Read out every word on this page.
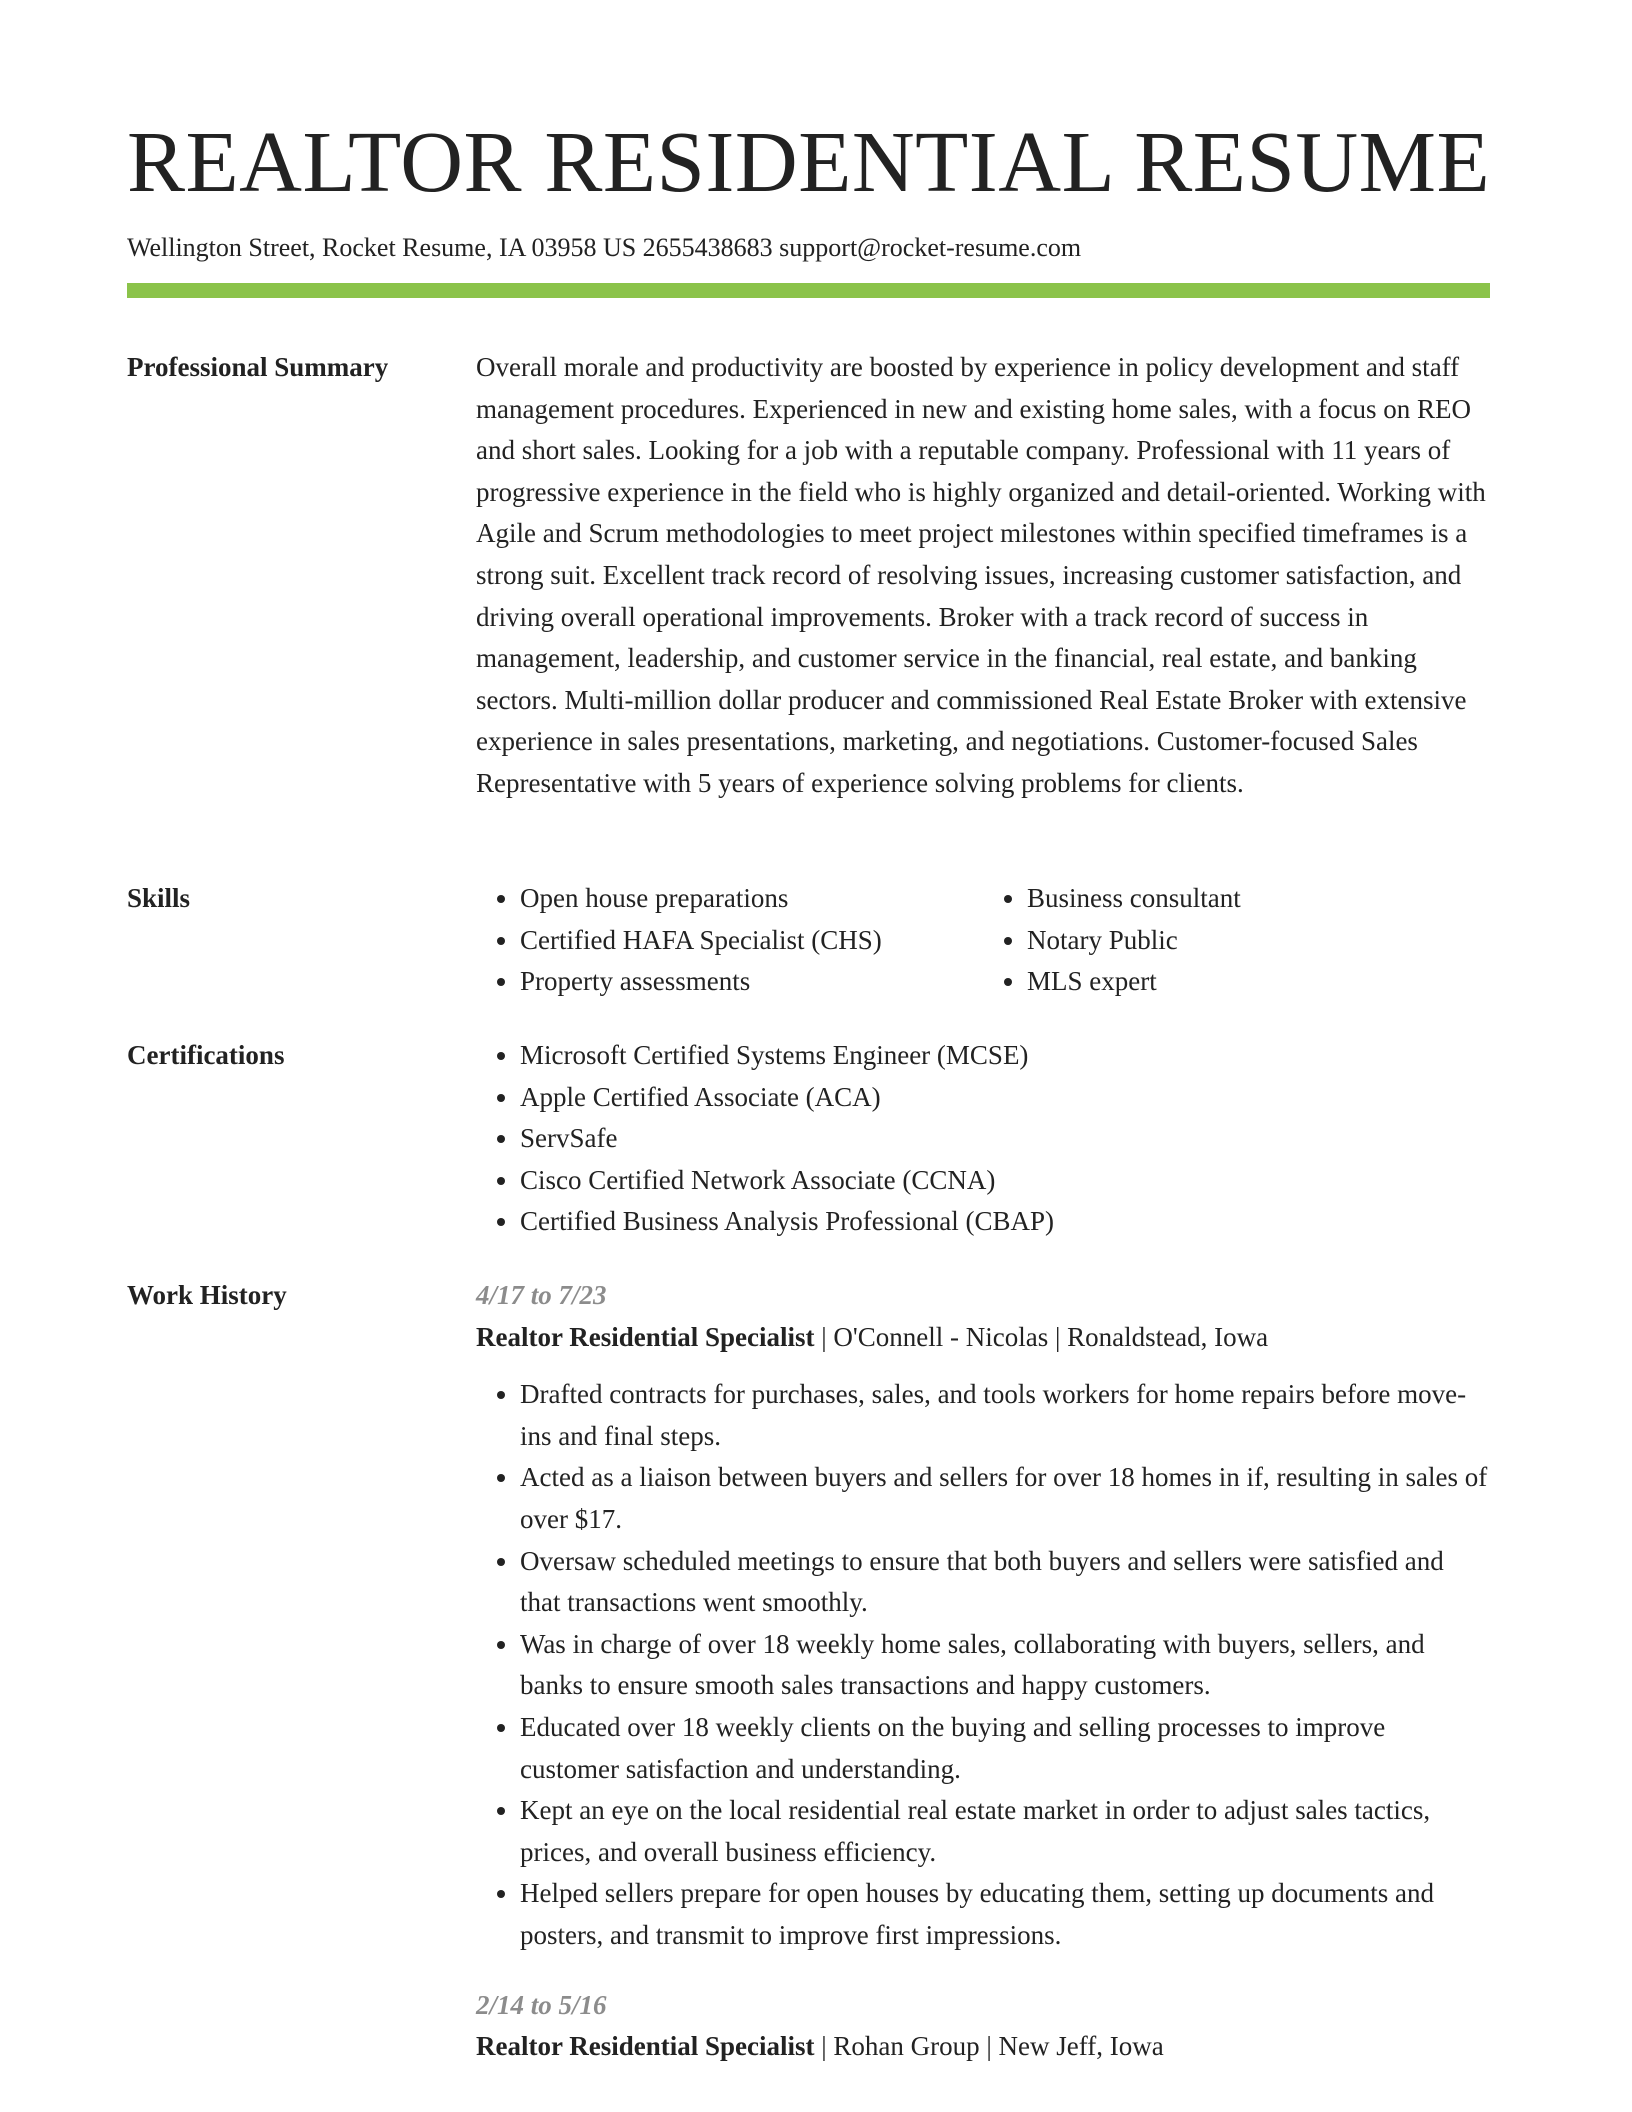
REALTOR RESIDENTIAL RESUME
Wellington Street, Rocket Resume, IA 03958 US 2655438683 support@rocket-resume.com
Professional Summary	Overall morale and productivity are boosted by experience in policy development and staff management procedures. Experienced in new and existing home sales, with a focus on REO and short sales. Looking for a job with a reputable company. Professional with 11 years of progressive experience in the field who is highly organized and detail-oriented. Working with Agile and Scrum methodologies to meet project milestones within specified timeframes is a strong suit. Excellent track record of resolving issues, increasing customer satisfaction, and driving overall operational improvements. Broker with a track record of success in management, leadership, and customer service in the financial, real estate, and banking sectors. Multi-million dollar producer and commissioned Real Estate Broker with extensive experience in sales presentations, marketing, and negotiations. Customer-focused Sales Representative with 5 years of experience solving problems for clients.

Skills	• Open house preparations
• Certified HAFA Specialist (CHS)
• Property assessments
• Business consultant
• Notary Public
• MLS expert
Certifications	• Microsoft Certified Systems Engineer (MCSE)
• Apple Certified Associate (ACA)
• ServSafe
• Cisco Certified Network Associate (CCNA)
• Certified Business Analysis Professional (CBAP)
Work History	4/17 to 7/23
Realtor Residential Specialist | O'Connell - Nicolas | Ronaldstead, Iowa
• Drafted contracts for purchases, sales, and tools workers for home repairs before move-ins and final steps.
• Acted as a liaison between buyers and sellers for over 18 homes in if, resulting in sales of over $17.
• Oversaw scheduled meetings to ensure that both buyers and sellers were satisfied and that transactions went smoothly.
• Was in charge of over 18 weekly home sales, collaborating with buyers, sellers, and banks to ensure smooth sales transactions and happy customers.
• Educated over 18 weekly clients on the buying and selling processes to improve customer satisfaction and understanding.
• Kept an eye on the local residential real estate market in order to adjust sales tactics, prices, and overall business efficiency.
• Helped sellers prepare for open houses by educating them, setting up documents and posters, and transmit to improve first impressions.
2/14 to 5/16
Realtor Residential Specialist | Rohan Group | New Jeff, Iowa
